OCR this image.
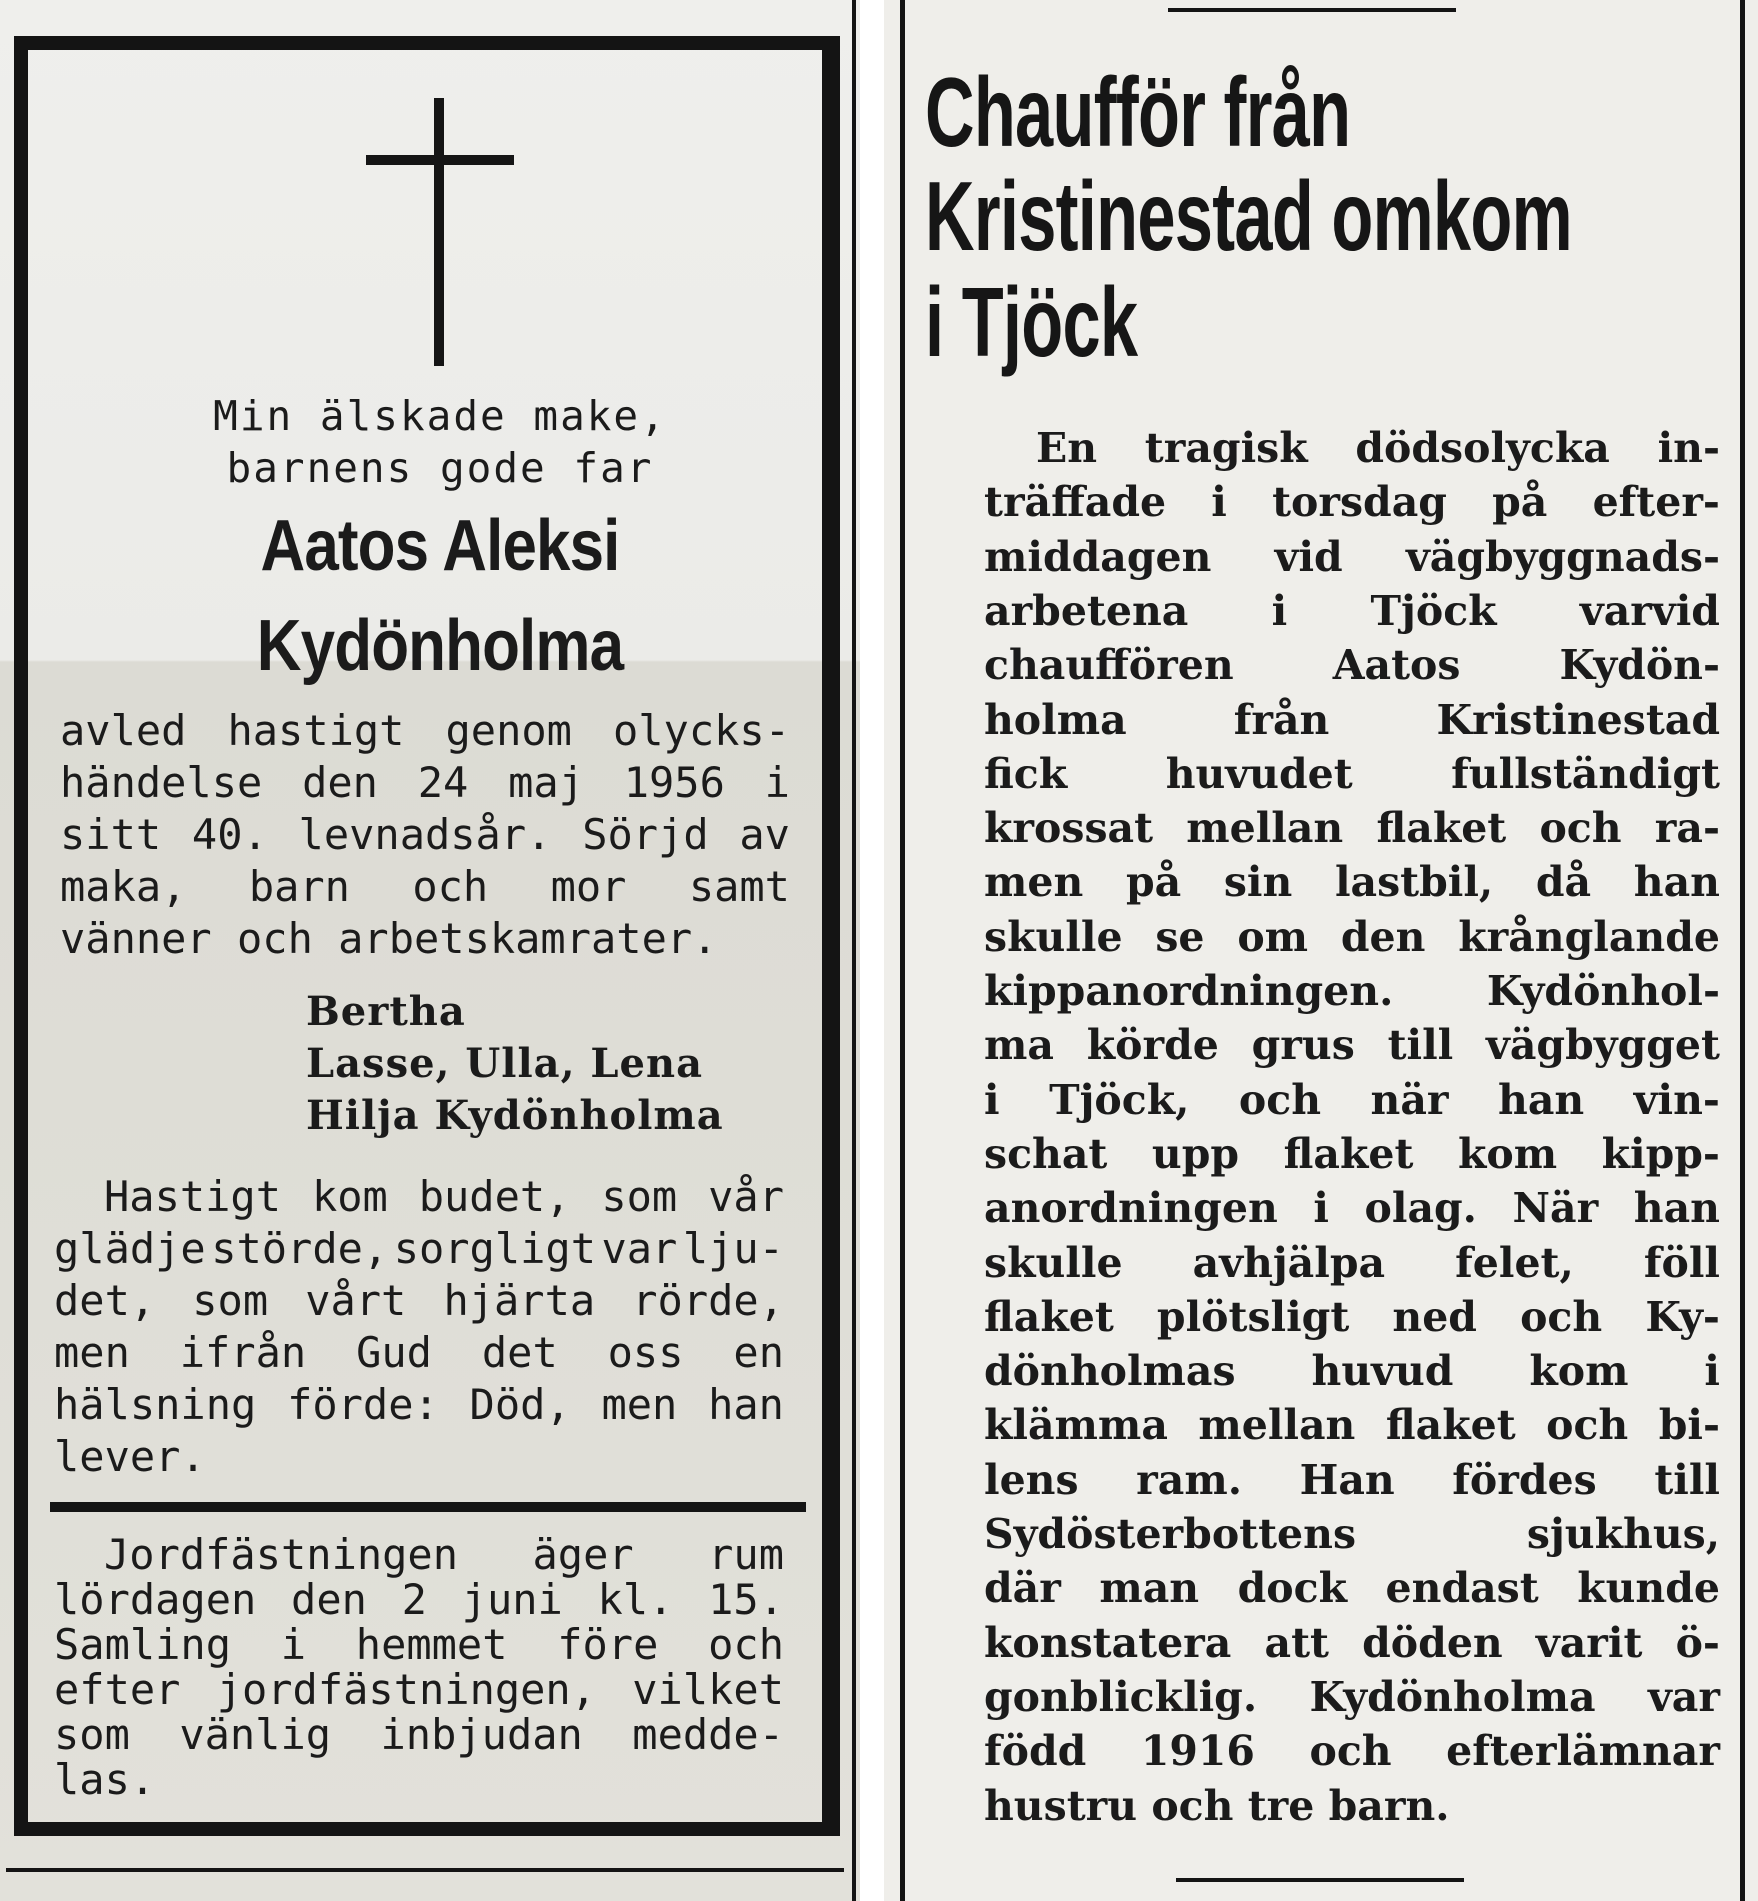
Min älskade make,
barnens gode far
Aatos Aleksi
Kydönholma
avled hastigt genom olycks-
händelse den 24 maj 1956 i
sitt 40. levnadsår. Sörjd av
maka, barn och mor samt
vänner och arbetskamrater.
Bertha
Lasse, Ulla, Lena
Hilja Kydönholma
Hastigt kom budet, som vår
glädje störde, sorgligt var lju-
det, som vårt hjärta rörde,
men ifrån Gud det oss en
hälsning förde: Död, men han
lever.
Jordfästningen äger rum
lördagen den 2 juni kl. 15.
Samling i hemmet före och
efter jordfästningen, vilket
som vänlig inbjudan medde-
las.
Chaufför från
Kristinestad omkom
i Tjöck
En tragisk dödsolycka in-
träffade i torsdag på efter-
middagen vid vägbyggnads-
arbetena i Tjöck varvid
chauffören Aatos Kydön-
holma	från	Kristinestad
fick huvudet fullständigt
krossat mellan flaket och ra-
men på sin lastbil, då han
skulle se om den krånglande
kippanordningen. Kydönhol-
ma körde grus till vägbygget
i Tjöck, och när han vin-
schat upp flaket kom kipp-
anordningen i olag. När han
skulle avhjälpa felet, föll
flaket plötsligt ned och Ky-
dönholmas huvud kom i
klämma mellan flaket och bi-
lens ram. Han fördes till
Sydösterbottens	sjukhus,
där man dock endast kunde
konstatera att döden varit ö-
gonblicklig. Kydönholma var
född 1916 och efterlämnar
hustru och tre barn.
